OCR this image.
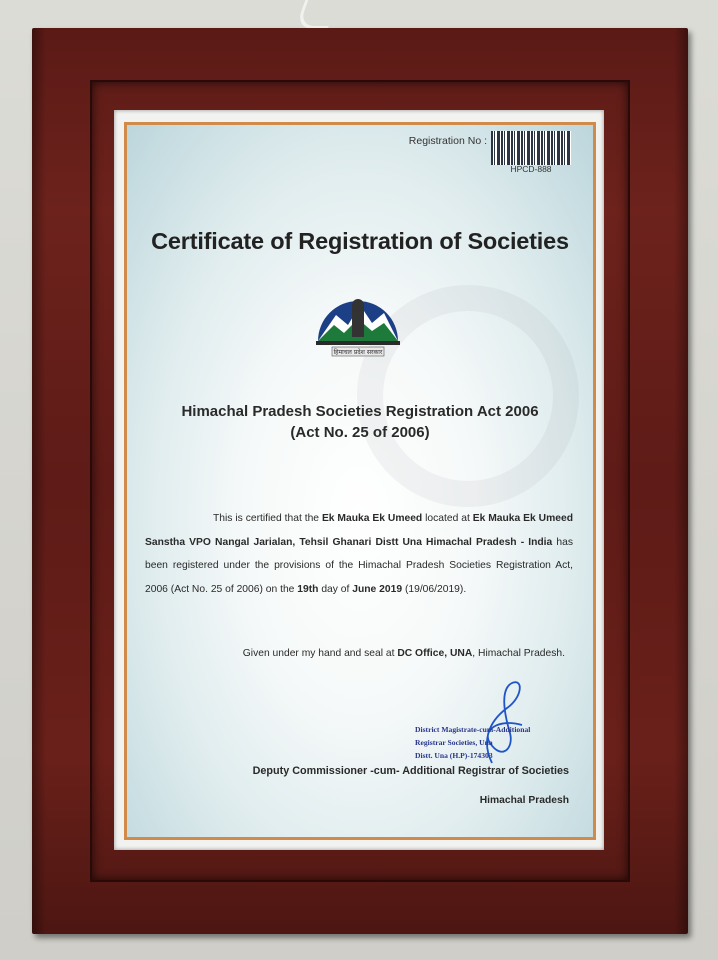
Registration No :
HPCD-888
Certificate of Registration of Societies
हिमाचल प्रदेश सरकार
Himachal Pradesh Societies Registration Act 2006
(Act No. 25 of 2006)
This is certified that the Ek Mauka Ek Umeed located at Ek Mauka Ek Umeed Sanstha VPO Nangal Jarialan, Tehsil Ghanari Distt Una Himachal Pradesh - India has been registered under the provisions of the Himachal Pradesh Societies Registration Act, 2006 (Act No. 25 of 2006) on the 19th day of June 2019 (19/06/2019).
Given under my hand and seal at DC Office, UNA, Himachal Pradesh.
District Magistrate-cum-Additional
Registrar Societies, Una
Distt. Una (H.P)-174303
Deputy Commissioner -cum- Additional Registrar of Societies
Himachal Pradesh
